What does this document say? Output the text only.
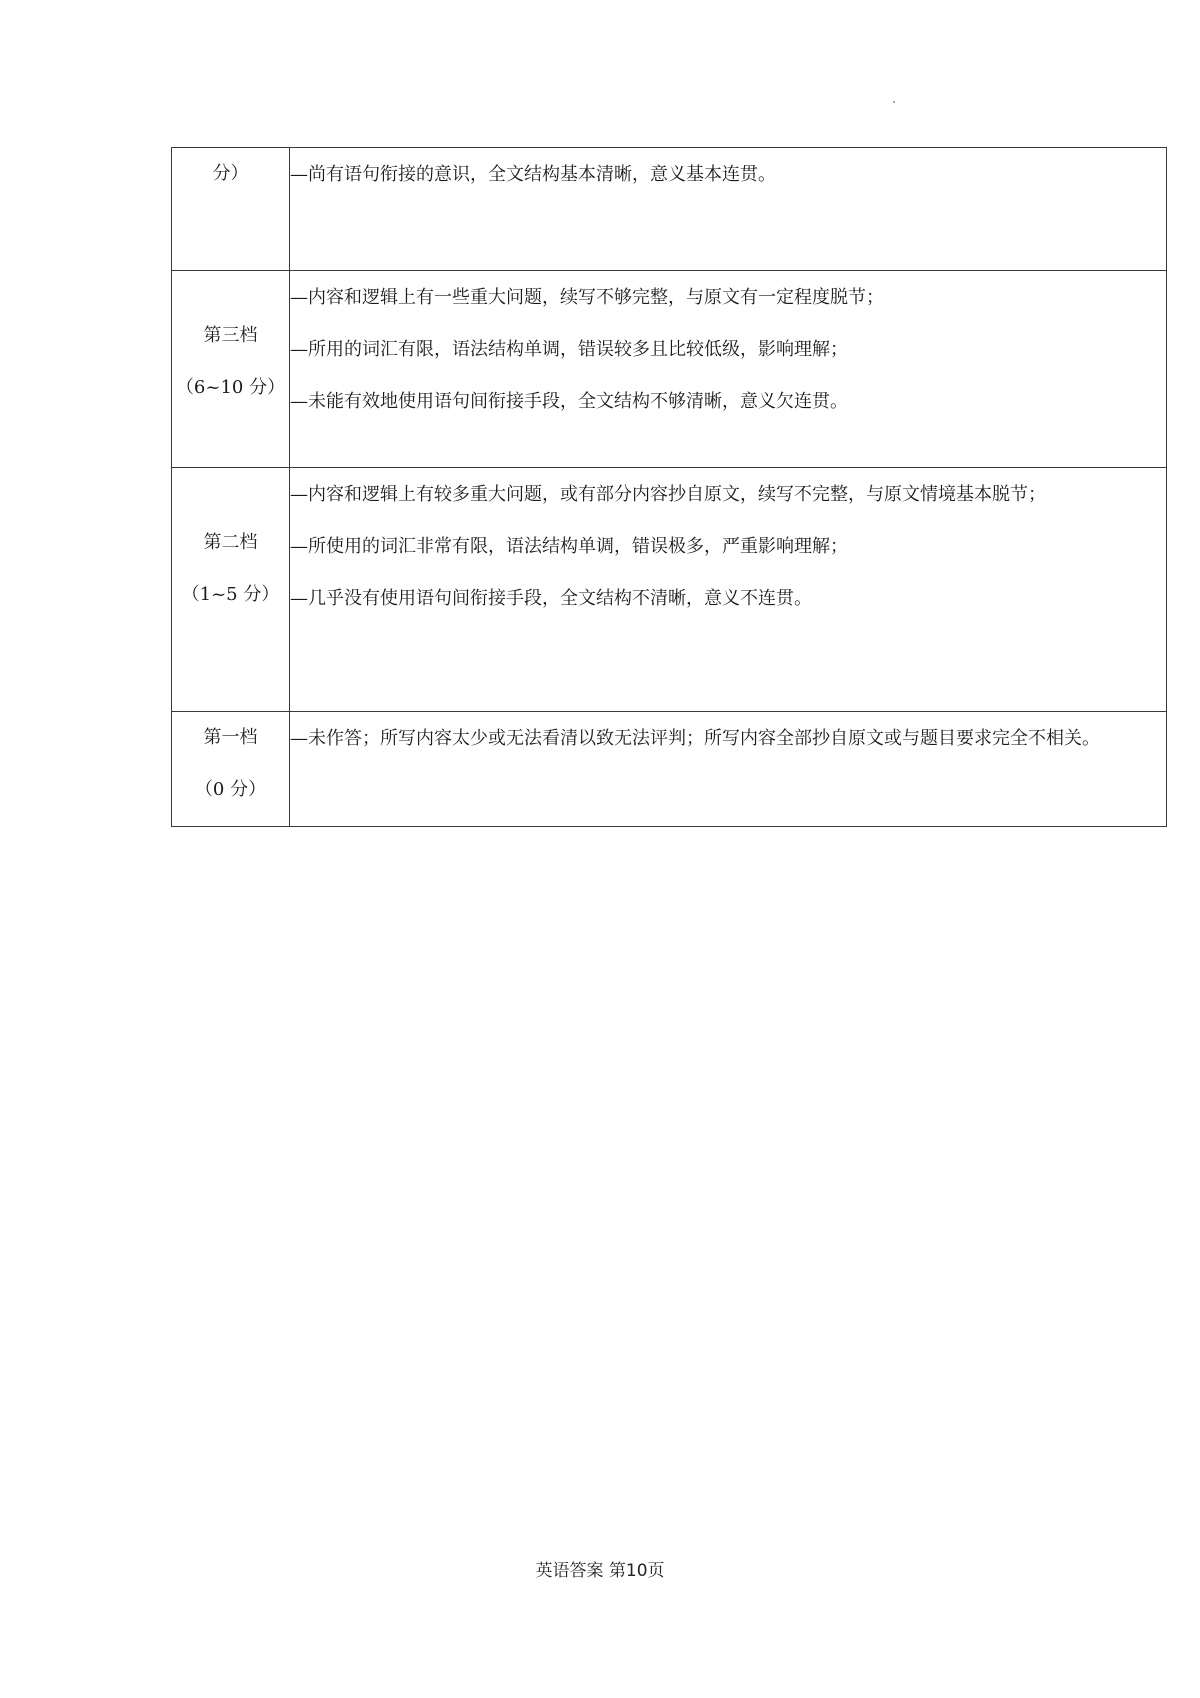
分）	—尚有语句衔接的意识，全文结构基本清晰，意义基本连贯。

第三档
（6~10 分）	—内容和逻辑上有一些重大问题，续写不够完整，与原文有一定程度脱节；
—所用的词汇有限，语法结构单调，错误较多且比较低级，影响理解；
—未能有效地使用语句间衔接手段，全文结构不够清晰，意义欠连贯。

第二档
（1~5 分）	—内容和逻辑上有较多重大问题，或有部分内容抄自原文，续写不完整，与原文情境基本脱节；
—所使用的词汇非常有限，语法结构单调，错误极多，严重影响理解；
—几乎没有使用语句间衔接手段，全文结构不清晰，意义不连贯。

第一档
（0 分）	—未作答；所写内容太少或无法看清以致无法评判；所写内容全部抄自原文或与题目要求完全不相关。
英语答案 第10页
